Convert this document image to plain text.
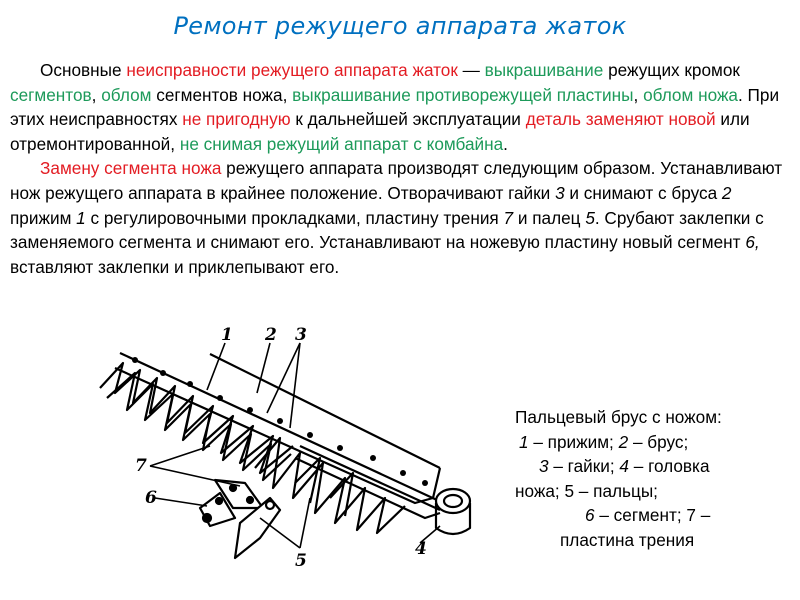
Ремонт режущего аппарата жаток

Основные неисправности режущего аппарата жаток — выкрашивание режущих кромок сегментов, облом сегментов ножа, выкрашивание противорежущей пластины, облом ножа. При этих неисправностях не пригодную к дальнейшей эксплуатации деталь заменяют новой или отремонтированной, не снимая режущий аппарат с комбайна.

Замену сегмента ножа режущего аппарата производят следующим образом. Устанавливают нож режущего аппарата в крайнее положение. Отворачивают гайки 3 и снимают с бруса 2 прижим 1 с регулировочными прокладками, пластину трения 7 и палец 5. Срубают заклепки с заменяемого сегмента и снимают его. Устанавливают на ножевую пластину новый сегмент 6, вставляют заклепки и приклепывают его.

1 2 3
4
5
6
7
Пальцевый брус с ножом:
1 – прижим; 2 – брус;
3 – гайки; 4 – головка
ножа; 5 – пальцы;
6 – сегмент; 7 –
пластина трения
